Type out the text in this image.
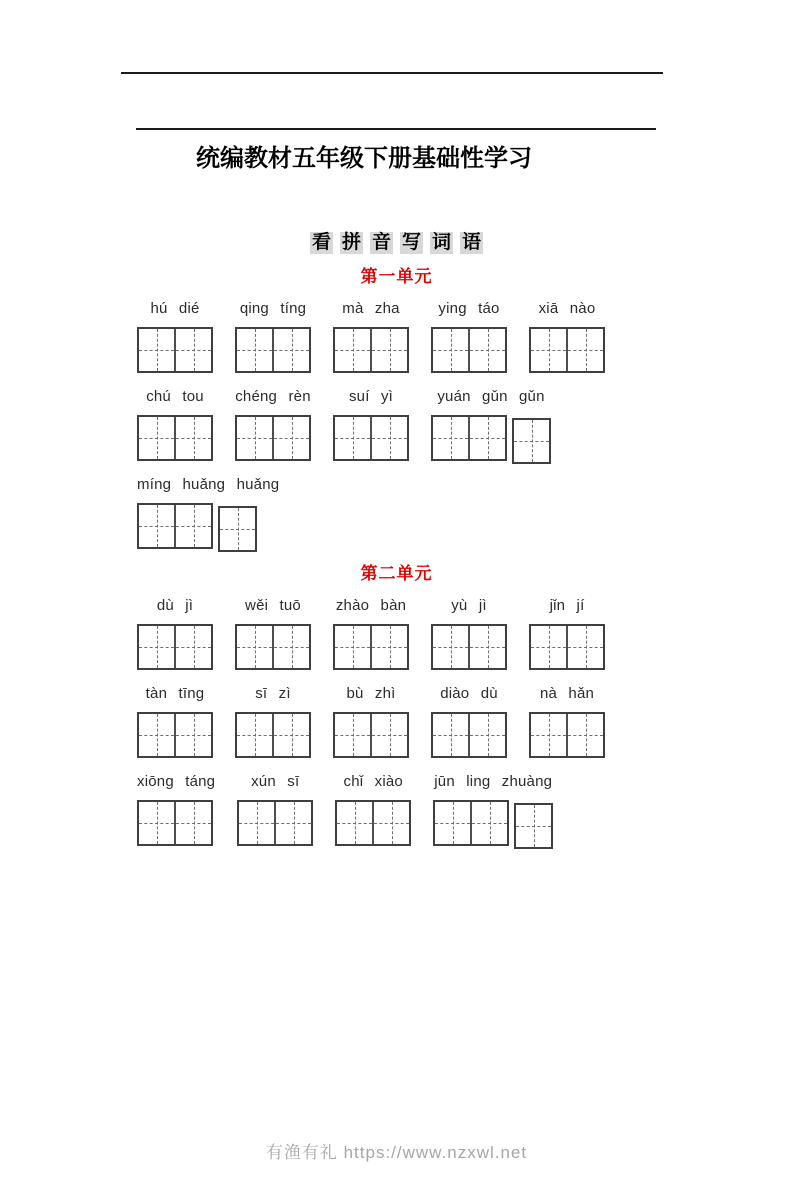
统编教材五年级下册基础性学习
看 拼 音 写 词 语
第一单元
hú dié	qing tíng	mà zha	ying táo	xiā nào
chú tou	chéng rèn	suí yì	yuán gǔn gǔn
míng huǎng huǎng
第二单元
dù jì	wěi tuō	zhào bàn	yù jì	jǐn jí
tàn tīng	sī zì	bù zhì	diào dù	nà hǎn
xiōng táng	xún sī	chǐ xiào	jūn ling zhuàng
有渔有礼 https://www.nzxwl.net
